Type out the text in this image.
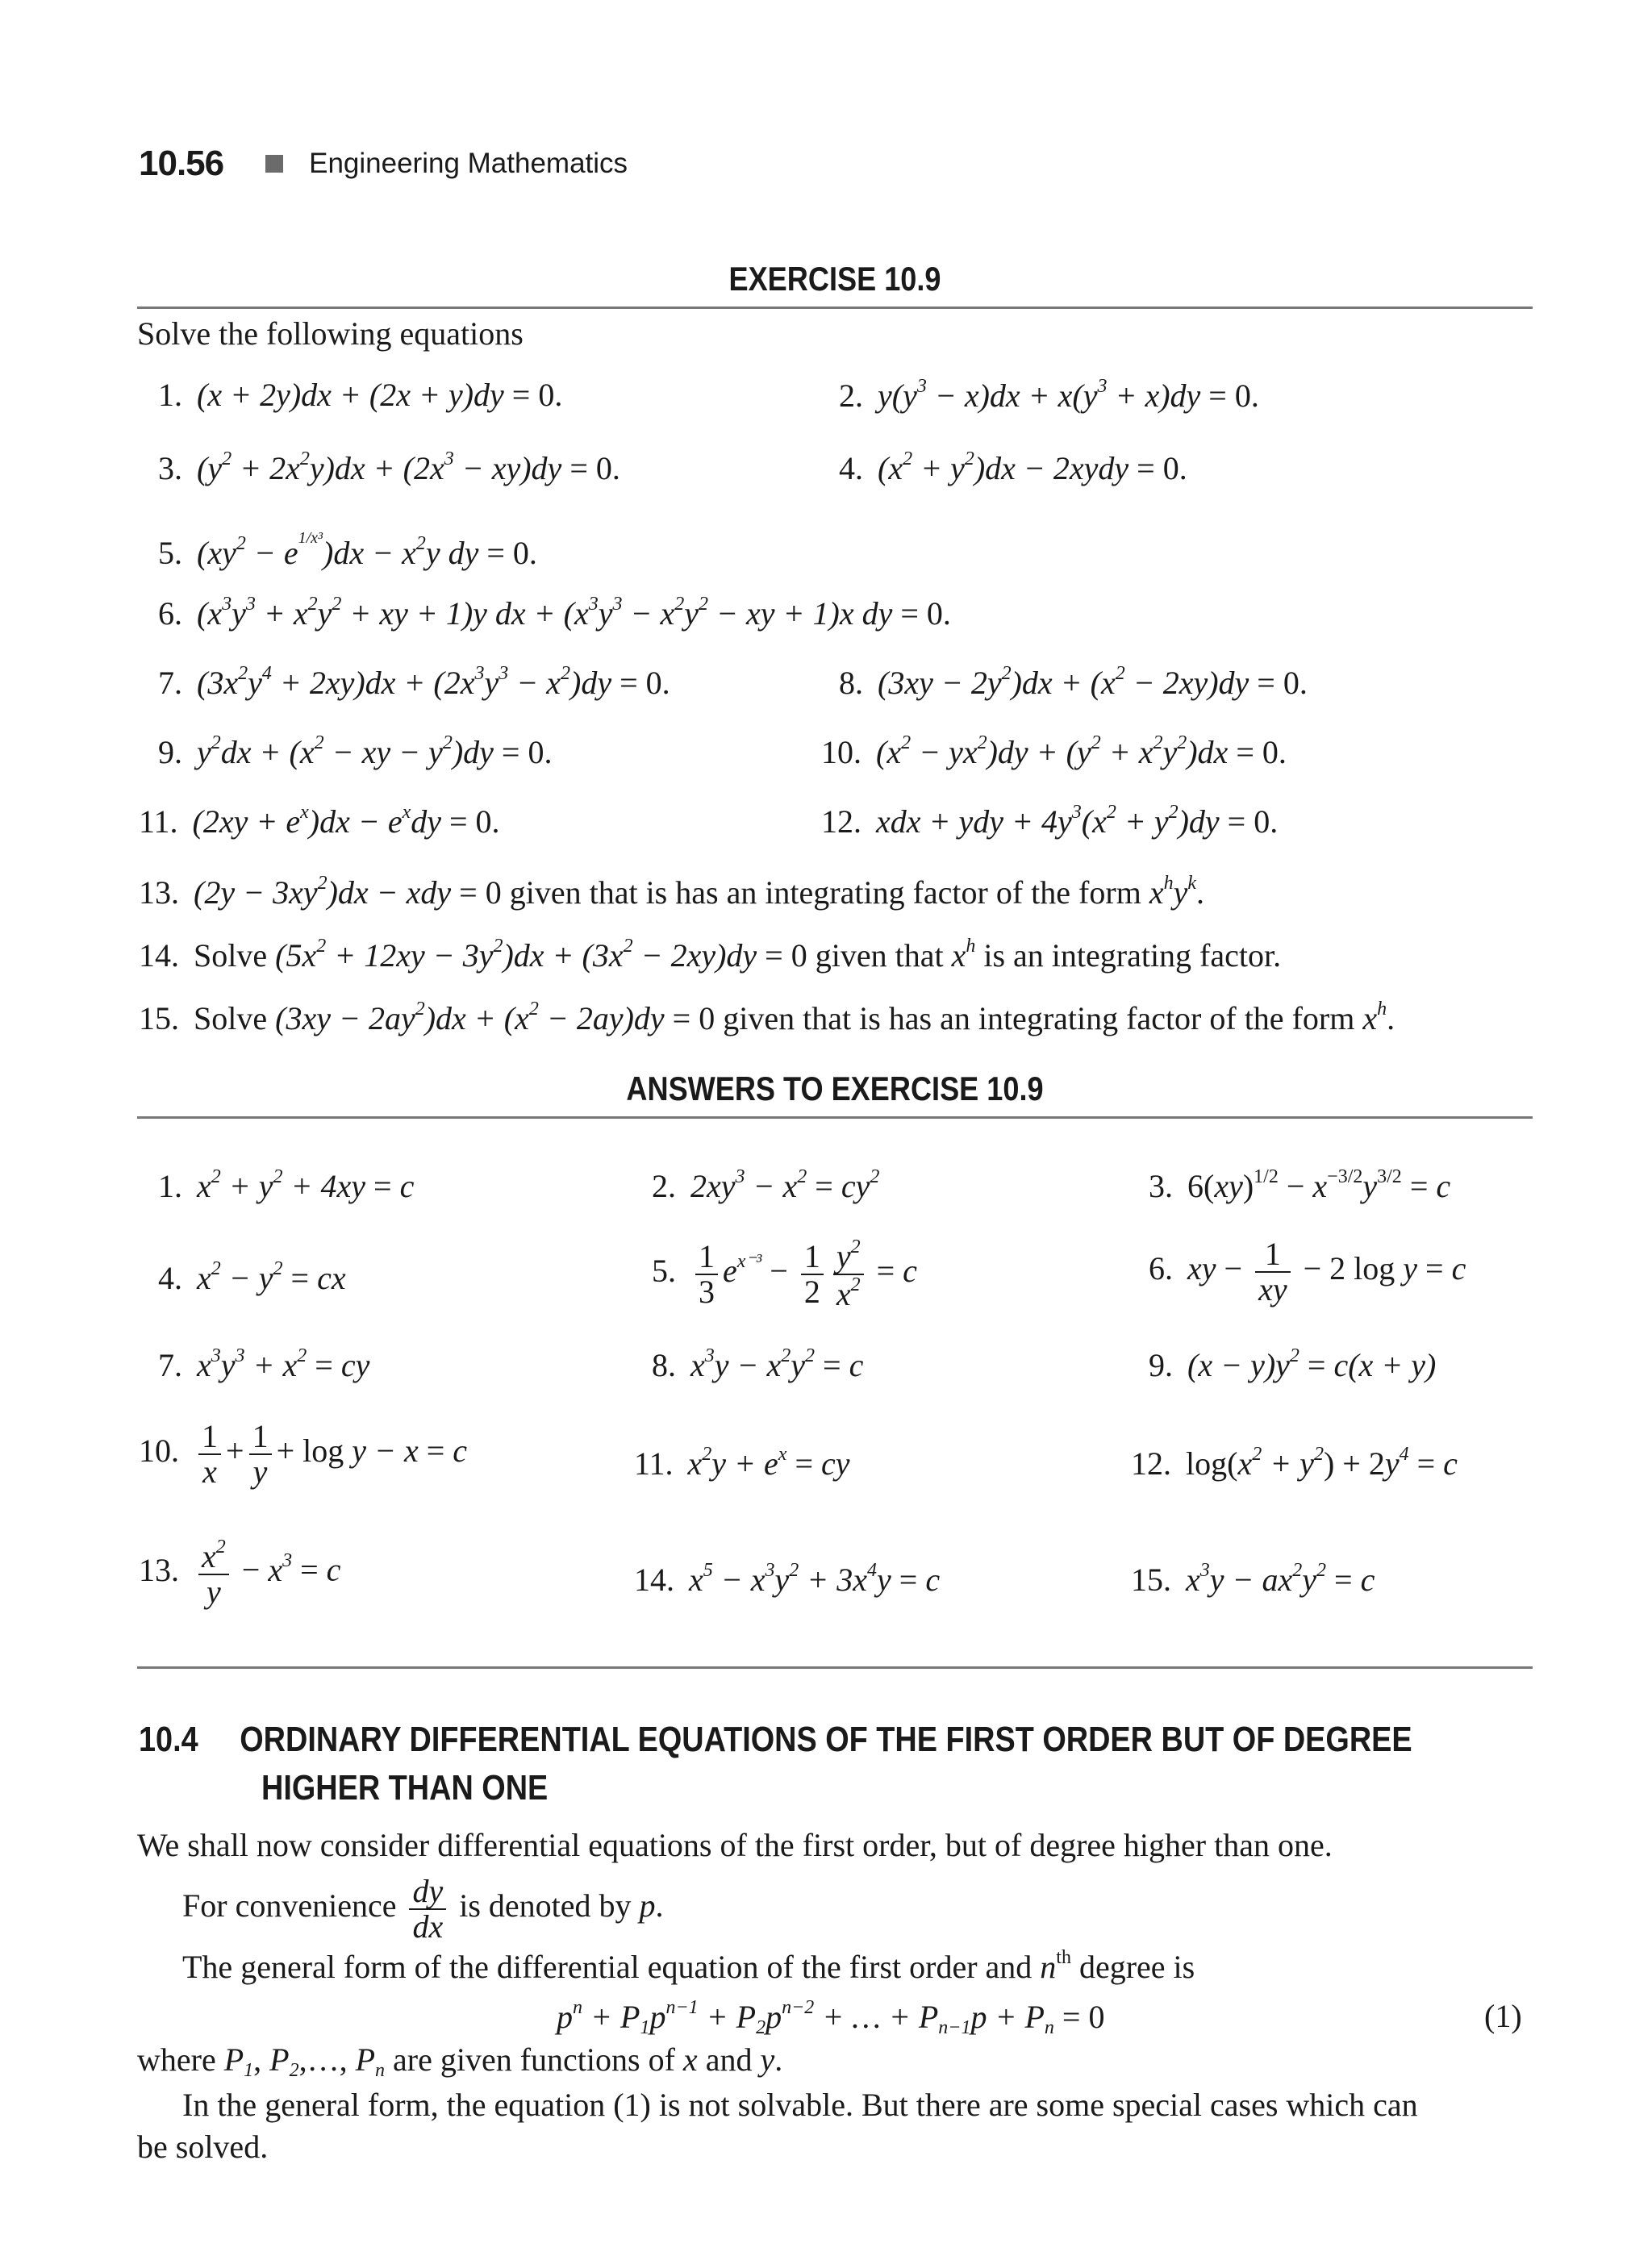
10.56	Engineering Mathematics
EXERCISE 10.9
Solve the following equations
1. (x + 2y)dx + (2x + y)dy = 0.	2. $y(y^3 - x)dx + x(y^3 + x)dy = 0$.
3. $(y^2 + 2x^2y)dx + (2x^3 - xy)dy = 0$.	4. $(x^2 + y^2)dx$ − 2xydy = 0.
5. $(xy^2 - e^{1/x^3})dx - x^2y$ dy = 0.
6. ($x^3y^3 + x^2y^2$ + xy + 1)y dx + ($x^3y^3 - x^2y^2$ − xy + 1)x dy = 0.
7. $(3x^2y^4 + 2xy)dx + (2x^3y^3 - x^2)dy = 0$.	8. $(3xy - 2y^2)dx + (x^2 - 2xy)dy = 0$.
9. $y^2dx + (x^2$ − xy − $y^2)dy = 0$.	10. $(x^2 - yx^2)dy + (y^2 + x^2y^2)dx = 0$.
11. $(2xy + e^x)dx - e^xdy = 0$.	12. xdx + ydy + $4y^3(x^2 + y^2)dy = 0$.
13. $(2y - 3xy^2)dx$ − xdy = 0 given that is has an integrating factor of the form $x^hy^k$.
14. Solve $(5x^2 + 12xy - 3y^2)dx + (3x^2 - 2xy)dy = 0$ given that $x^h$ is an integrating factor.
15. Solve $(3xy - 2ay^2)dx + (x^2 - 2ay)dy = 0$ given that is has an integrating factor of the form $x^h$.
ANSWERS TO EXERCISE 10.9
1. $x^2 + y^2 + 4xy = c$	2. $2xy^3 - x^2 = cy^2$	3. $6(xy)^{1/2} - x^{-3/2}y^{3/2} = c$
4. $x^2 - y^2$ = cx	5. $\frac{1}{3} e^{x^{-3}} - \frac{1}{2} \frac{y^2}{x^2} = c$	6. xy − $\frac{1}{xy} - 2$ log y = c
7. $x^3y^3 + x^2$ = cy	8. $x^3y - x^2y^2 = c$	9. $(x - y)y^2 = c(x + y)$
10. $\frac{1}{x} + \frac{1}{y} + \log y - x = c$	11. $x^2y + e^x$ = cy	12. $\log(x^2 + y^2) + 2y^4 = c$
13. $\frac{x^2}{y} - x^3 = c$	14. $x^5 - x^3y^2 + 3x^4y = c$	15. $x^3y - ax^2y^2 = c$
10.4 ORDINARY DIFFERENTIAL EQUATIONS OF THE FIRST ORDER BUT OF DEGREE
HIGHER THAN ONE
We shall now consider differential equations of the first order, but of degree higher than one.
For convenience $\frac{dy}{dx}$ is denoted by p.
The general form of the differential equation of the first order and $n^{th}$ degree is
$p^n + P_1p^{n-1} + P_2p^{n-2}$ + … + $P_{n-1}p + P_n = 0$	(1)
where $P_1$, $P_2,\dots$, $P_n$ are given functions of x and y.
In the general form, the equation (1) is not solvable. But there are some special cases which can
be solved.
